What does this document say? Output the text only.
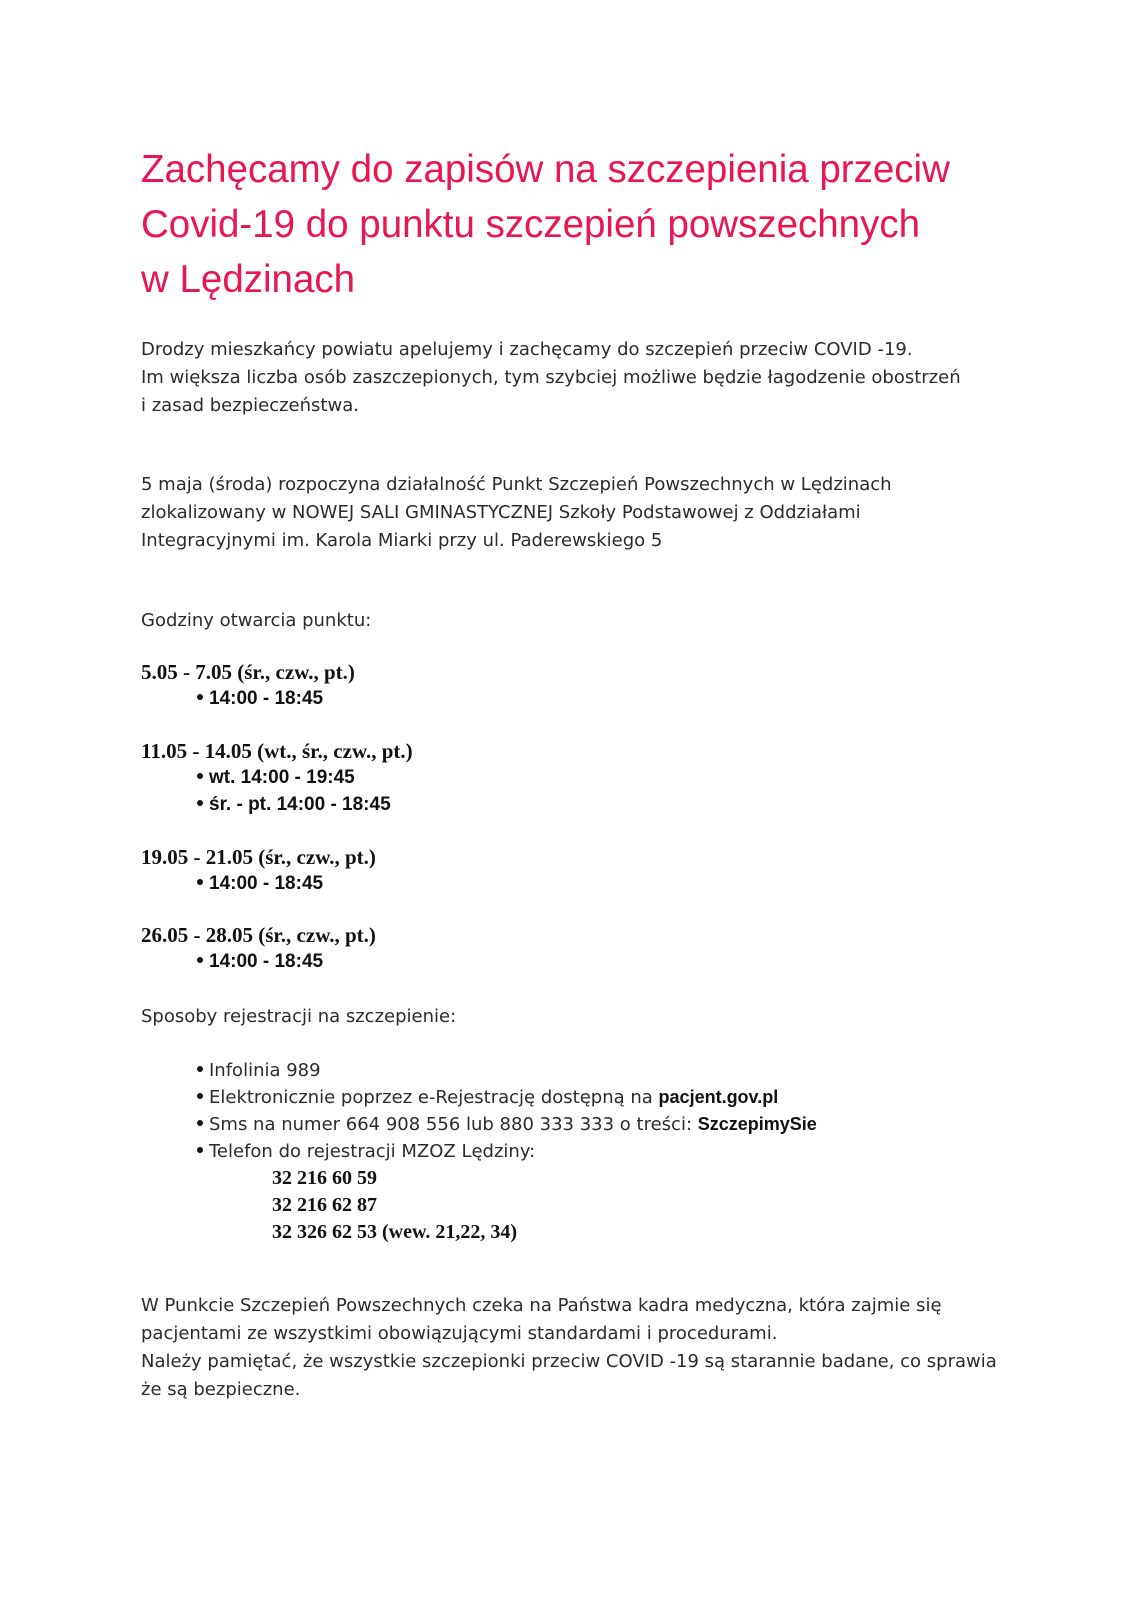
Zachęcamy do zapisów na szczepienia przeciw
Covid-19 do punktu szczepień powszechnych
w Lędzinach
Drodzy mieszkańcy powiatu apelujemy i zachęcamy do szczepień przeciw COVID -19.
Im większa liczba osób zaszczepionych, tym szybciej możliwe będzie łagodzenie obostrzeń
i zasad bezpieczeństwa.
5 maja (środa) rozpoczyna działalność Punkt Szczepień Powszechnych w Lędzinach
zlokalizowany w NOWEJ SALI GMINASTYCZNEJ Szkoły Podstawowej z Oddziałami
Integracyjnymi im. Karola Miarki przy ul. Paderewskiego 5
Godziny otwarcia punktu:
5.05 - 7.05 (śr., czw., pt.)
14:00 - 18:45
11.05 - 14.05 (wt., śr., czw., pt.)
wt. 14:00 - 19:45
śr. - pt. 14:00 - 18:45
19.05 - 21.05 (śr., czw., pt.)
14:00 - 18:45
26.05 - 28.05 (śr., czw., pt.)
14:00 - 18:45
Sposoby rejestracji na szczepienie:
Infolinia 989
Elektronicznie poprzez e-Rejestrację dostępną na pacjent.gov.pl
Sms na numer 664 908 556 lub 880 333 333 o treści: SzczepimySie
Telefon do rejestracji MZOZ Lędziny:
32 216 60 59
32 216 62 87
32 326 62 53 (wew. 21,22, 34)
W Punkcie Szczepień Powszechnych czeka na Państwa kadra medyczna, która zajmie się
pacjentami ze wszystkimi obowiązującymi standardami i procedurami.
Należy pamiętać, że wszystkie szczepionki przeciw COVID -19 są starannie badane, co sprawia
że są bezpieczne.
